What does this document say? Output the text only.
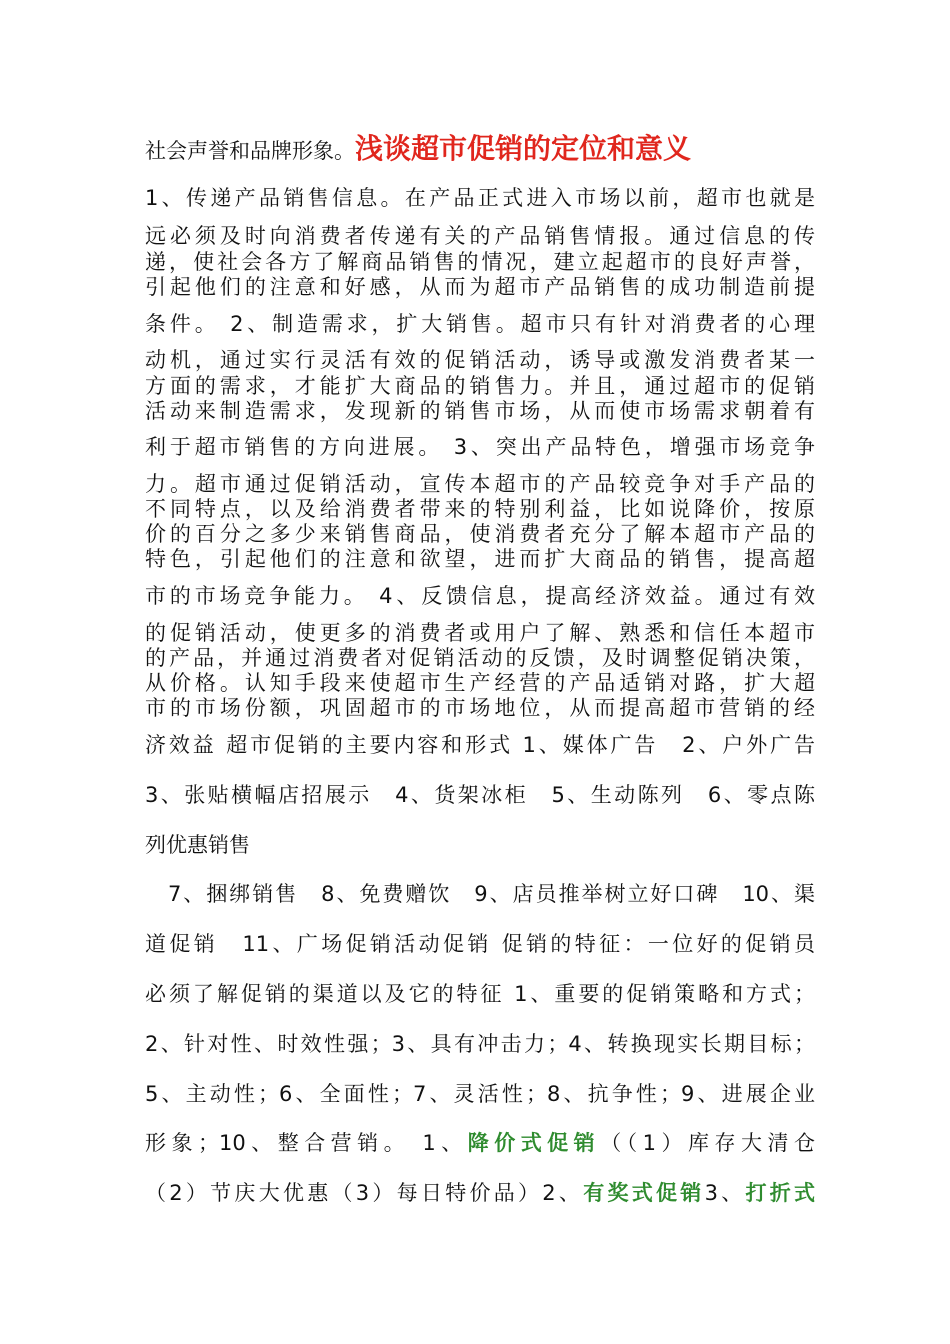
社会声誉和品牌形象。浅谈超市促销的定位和意义
1、传递产品销售信息。在产品正式进入市场以前，超市也就是
远必须及时向消费者传递有关的产品销售情报。通过信息的传
递，使社会各方了解商品销售的情况，建立起超市的良好声誉，
引起他们的注意和好感，从而为超市产品销售的成功制造前提
条件。 2、制造需求，扩大销售。超市只有针对消费者的心理
动机，通过实行灵活有效的促销活动，诱导或激发消费者某一
方面的需求，才能扩大商品的销售力。并且，通过超市的促销
活动来制造需求，发现新的销售市场，从而使市场需求朝着有
利于超市销售的方向进展。 3、突出产品特色，增强市场竞争
力。超市通过促销活动，宣传本超市的产品较竞争对手产品的
不同特点，以及给消费者带来的特别利益，比如说降价，按原
价的百分之多少来销售商品，使消费者充分了解本超市产品的
特色，引起他们的注意和欲望，进而扩大商品的销售，提高超
市的市场竞争能力。 4、反馈信息，提高经济效益。通过有效
的促销活动，使更多的消费者或用户了解、熟悉和信任本超市
的产品，并通过消费者对促销活动的反馈，及时调整促销决策，
从价格。认知手段来使超市生产经营的产品适销对路，扩大超
市的市场份额，巩固超市的市场地位，从而提高超市营销的经
济效益 超市促销的主要内容和形式 1、媒体广告　2、户外广告
3、张贴横幅店招展示　4、货架冰柜　5、生动陈列　6、零点陈
列优惠销售
　7、捆绑销售　8、免费赠饮　9、店员推举树立好口碑　10、渠
道促销　11、广场促销活动促销 促销的特征：一位好的促销员
必须了解促销的渠道以及它的特征 1、重要的促销策略和方式；
2、针对性、时效性强；3、具有冲击力；4、转换现实长期目标；
5、主动性；6、全面性；7、灵活性；8、抗争性；9、进展企业
形象；10、整合营销。 1、降价式促销（（1）库存大清仓
（2）节庆大优惠（3）每日特价品）2、有奖式促销3、打折式
